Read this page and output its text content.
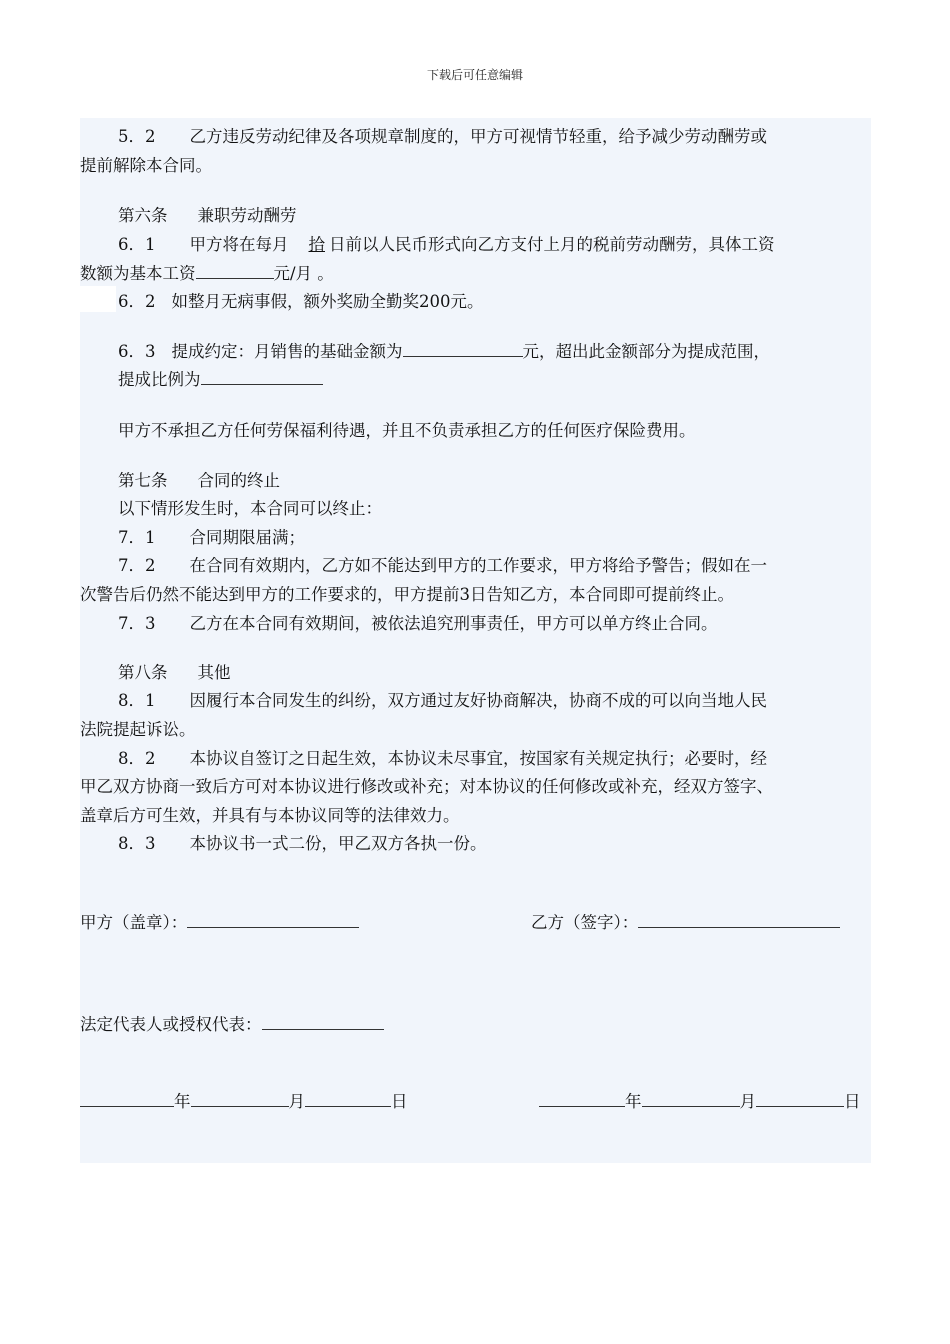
下载后可任意编辑
5．2 乙方违反劳动纪律及各项规章制度的，甲方可视情节轻重，给予减少劳动酬劳或
提前解除本合同。
第六条 兼职劳动酬劳
6．1 甲方将在每月 拾 日前以人民币形式向乙方支付上月的税前劳动酬劳，具体工资
数额为基本工资	元/月 。
6．2 如整月无病事假，额外奖励全勤奖200元。
6．3 提成约定：月销售的基础金额为	元，超出此金额部分为提成范围，
提成比例为
甲方不承担乙方任何劳保福利待遇，并且不负责承担乙方的任何医疗保险费用。
第七条 合同的终止
以下情形发生时，本合同可以终止：
7．1 合同期限届满；
7．2 在合同有效期内，乙方如不能达到甲方的工作要求，甲方将给予警告；假如在一
次警告后仍然不能达到甲方的工作要求的，甲方提前3日告知乙方，本合同即可提前终止。
7．3 乙方在本合同有效期间，被依法追究刑事责任，甲方可以单方终止合同。
第八条 其他
8．1 因履行本合同发生的纠纷，双方通过友好协商解决，协商不成的可以向当地人民
法院提起诉讼。
8．2 本协议自签订之日起生效，本协议未尽事宜，按国家有关规定执行；必要时，经
甲乙双方协商一致后方可对本协议进行修改或补充；对本协议的任何修改或补充，经双方签字、
盖章后方可生效，并具有与本协议同等的法律效力。
8．3 本协议书一式二份，甲乙双方各执一份。
甲方（盖章）：	乙方（签字）：
法定代表人或授权代表：
年	月	日	年	月	日
